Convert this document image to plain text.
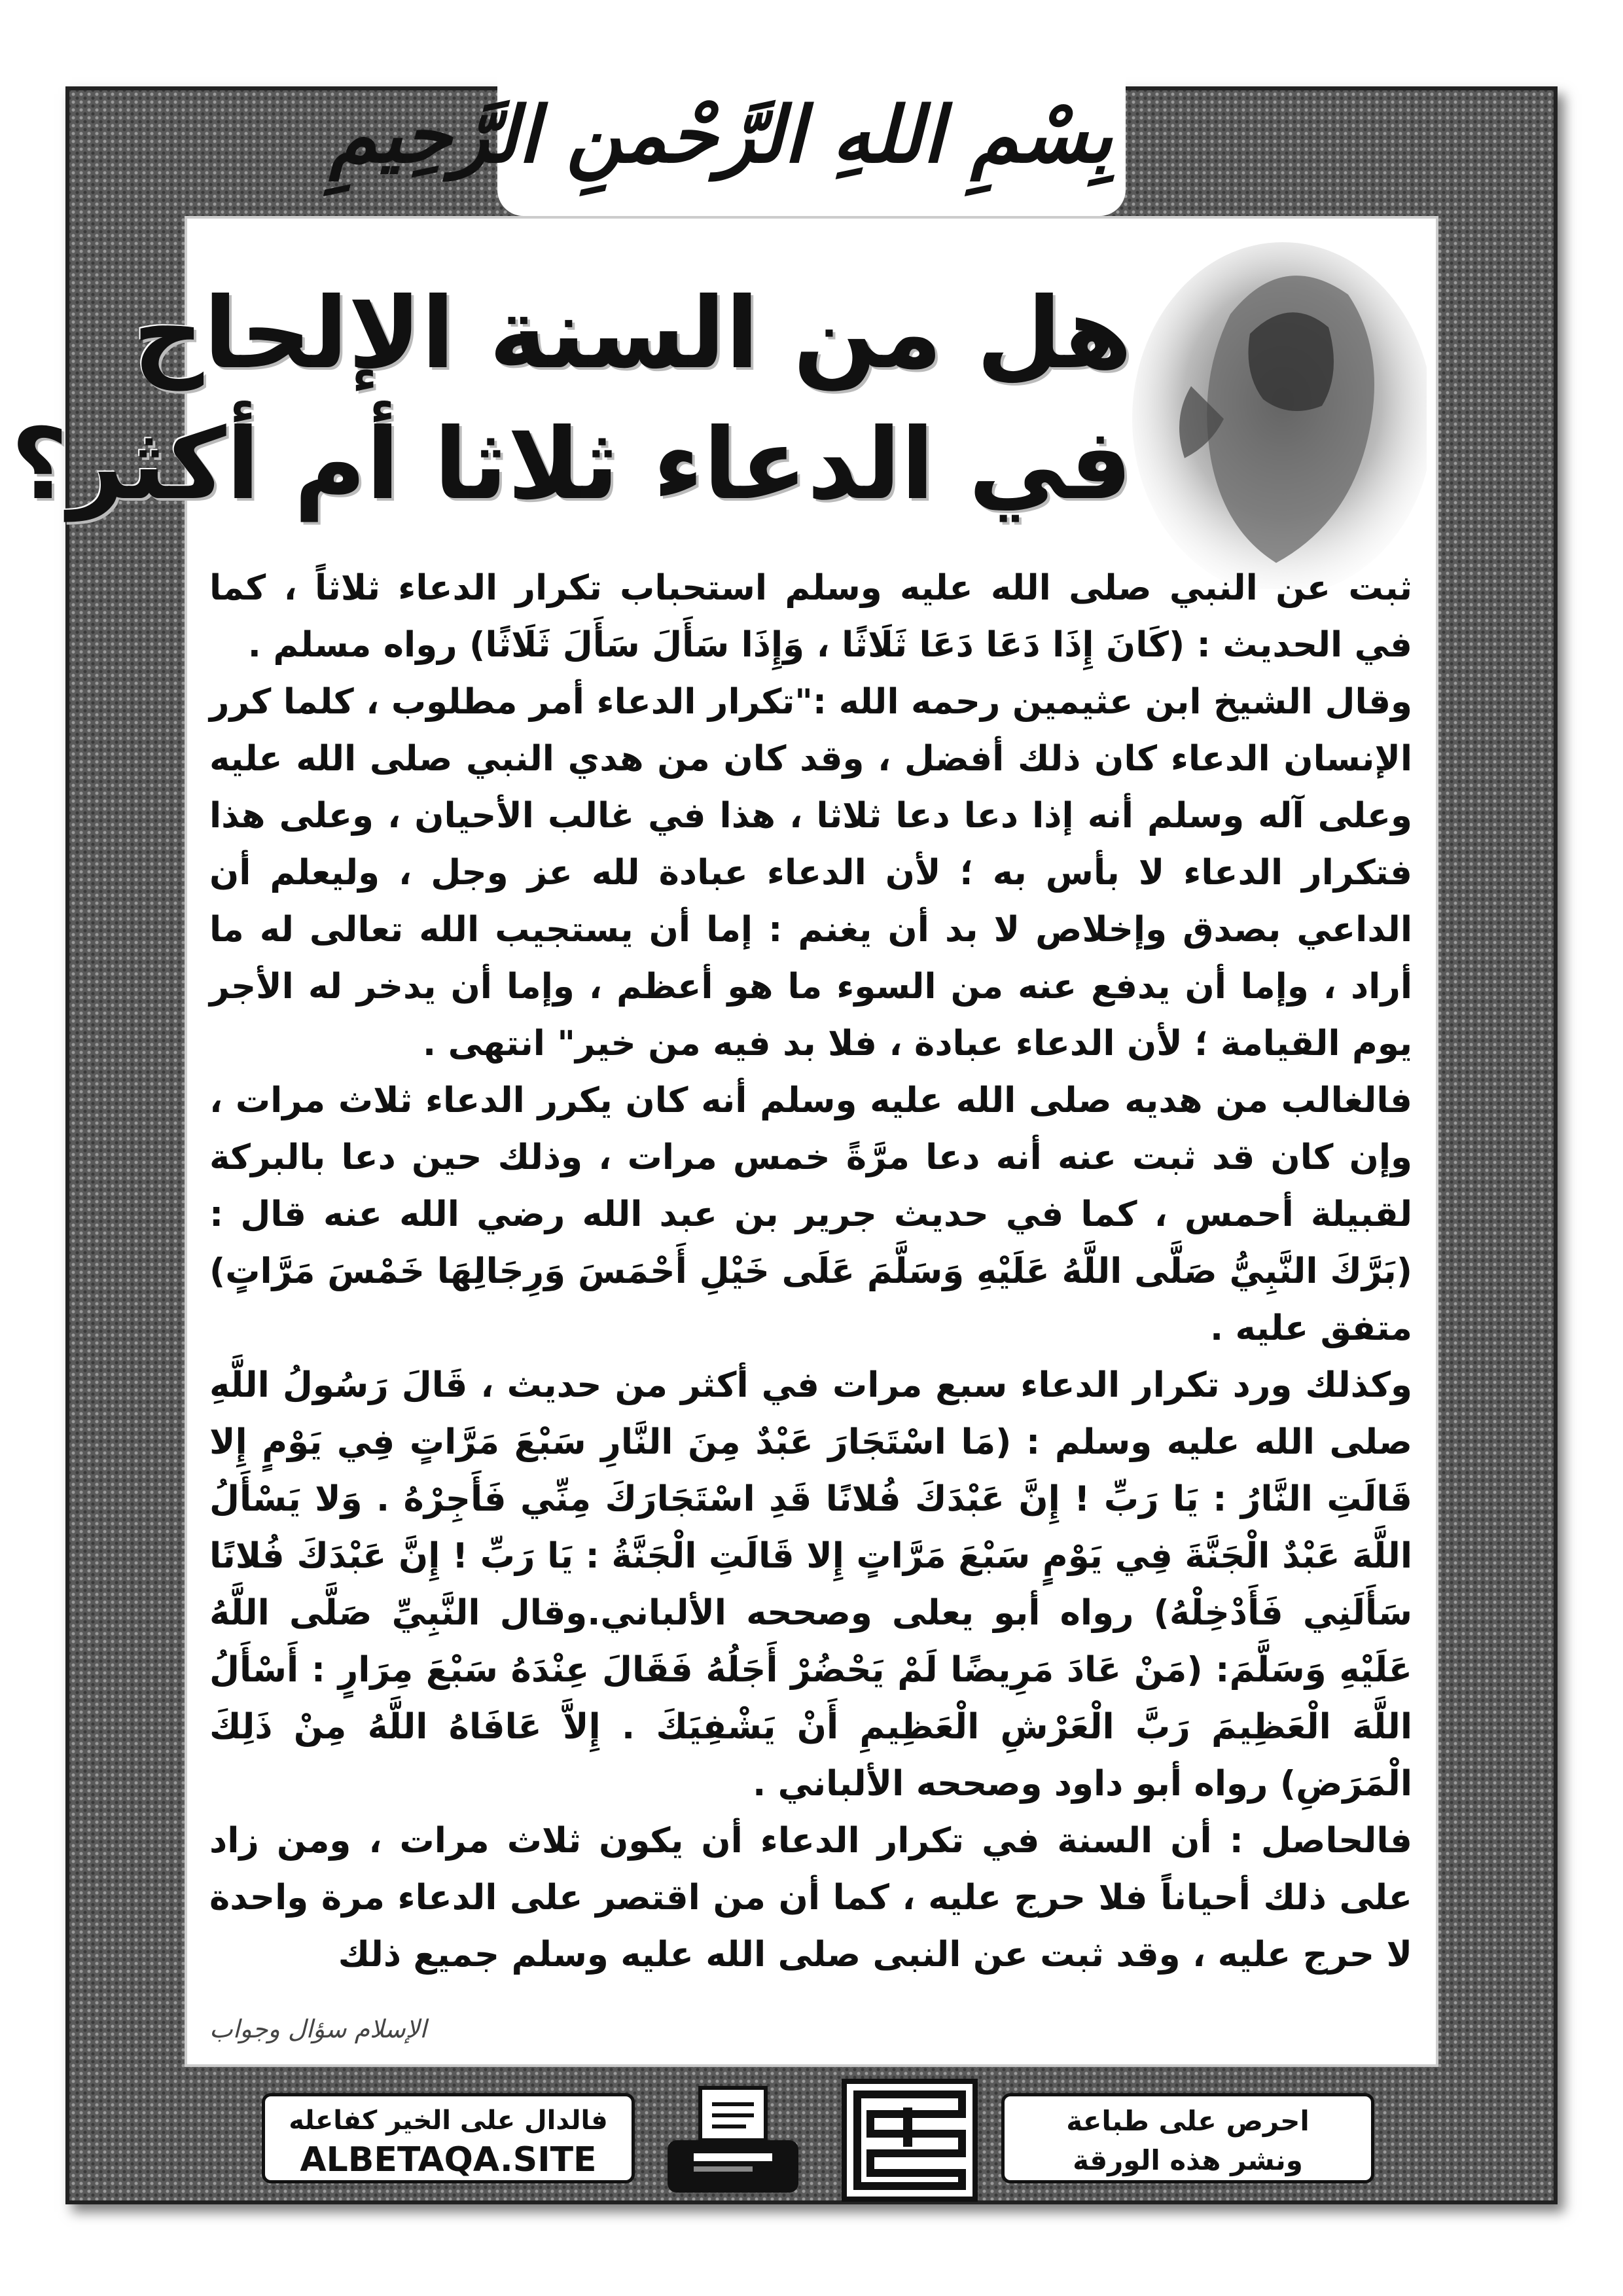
بِسْمِ اللهِ الرَّحْمنِ الرَّحِيمِ
هل من السنة الإلحاح
في الدعاء ثلاثا أم أكثر؟

ثبت عن النبي صلى الله عليه وسلم استحباب تكرار الدعاء ثلاثاً ، كما في الحديث : (كَانَ إِذَا دَعَا دَعَا ثَلَاثًا ، وَإِذَا سَأَلَ سَأَلَ ثَلَاثًا) رواه مسلم .

وقال الشيخ ابن عثيمين رحمه الله :"تكرار الدعاء أمر مطلوب ، كلما كرر الإنسان الدعاء كان ذلك أفضل ، وقد كان من هدي النبي صلى الله عليه وعلى آله وسلم أنه إذا دعا دعا ثلاثا ، هذا في غالب الأحيان ، وعلى هذا فتكرار الدعاء لا بأس به ؛ لأن الدعاء عبادة لله عز وجل ، وليعلم أن الداعي بصدق وإخلاص لا بد أن يغنم : إما أن يستجيب الله تعالى له ما أراد ، وإما أن يدفع عنه من السوء ما هو أعظم ، وإما أن يدخر له الأجر يوم القيامة ؛ لأن الدعاء عبادة ، فلا بد فيه من خير" انتهى .

فالغالب من هديه صلى الله عليه وسلم أنه كان يكرر الدعاء ثلاث مرات ، وإن كان قد ثبت عنه أنه دعا مرَّةً خمس مرات ، وذلك حين دعا بالبركة لقبيلة أحمس ، كما في حديث جرير بن عبد الله رضي الله عنه قال : (بَرَّكَ النَّبِيُّ صَلَّى اللَّهُ عَلَيْهِ وَسَلَّمَ عَلَى خَيْلِ أَحْمَسَ وَرِجَالِهَا خَمْسَ مَرَّاتٍ) متفق عليه .

وكذلك ورد تكرار الدعاء سبع مرات في أكثر من حديث ، قَالَ رَسُولُ اللَّهِ صلى الله عليه وسلم : (مَا اسْتَجَارَ عَبْدٌ مِنَ النَّارِ سَبْعَ مَرَّاتٍ فِي يَوْمٍ إِلا قَالَتِ النَّارُ : يَا رَبِّ ! إِنَّ عَبْدَكَ فُلانًا قَدِ اسْتَجَارَكَ مِنِّي فَأَجِرْهُ . وَلا يَسْأَلُ اللَّهَ عَبْدٌ الْجَنَّةَ فِي يَوْمٍ سَبْعَ مَرَّاتٍ إِلا قَالَتِ الْجَنَّةُ : يَا رَبِّ ! إِنَّ عَبْدَكَ فُلانًا سَأَلَنِي فَأَدْخِلْهُ) رواه أبو يعلى وصححه الألباني.وقال النَّبِيِّ صَلَّى اللَّهُ عَلَيْهِ وَسَلَّمَ: (مَنْ عَادَ مَرِيضًا لَمْ يَحْضُرْ أَجَلُهُ فَقَالَ عِنْدَهُ سَبْعَ مِرَارٍ : أَسْأَلُ اللَّهَ الْعَظِيمَ رَبَّ الْعَرْشِ الْعَظِيمِ أَنْ يَشْفِيَكَ . إِلاَّ عَافَاهُ اللَّهُ مِنْ ذَلِكَ الْمَرَضِ) رواه أبو داود وصححه الألباني .

فالحاصل : أن السنة في تكرار الدعاء أن يكون ثلاث مرات ، ومن زاد على ذلك أحياناً فلا حرج عليه ، كما أن من اقتصر على الدعاء مرة واحدة لا حرج عليه ، وقد ثبت عن النبى صلى الله عليه وسلم جميع ذلك

الإسلام سؤال وجواب
فالدال على الخير كفاعله
ALBETAQA.SITE
احرص على طباعة
ونشر هذه الورقة
